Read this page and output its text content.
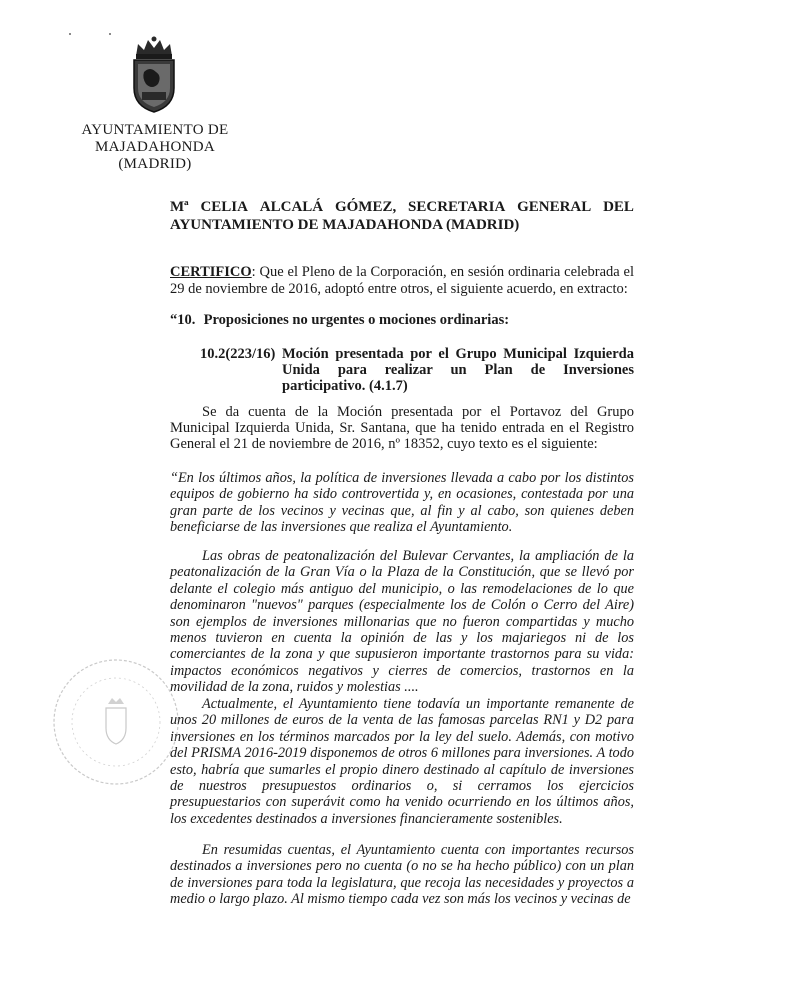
AYUNTAMIENTO DE
MAJADAHONDA
(MADRID)
Mª CELIA ALCALÁ GÓMEZ, SECRETARIA GENERAL DEL
AYUNTAMIENTO DE MAJADAHONDA (MADRID)
CERTIFICO: Que el Pleno de la Corporación, en sesión ordinaria celebrada el 29 de noviembre de 2016, adoptó entre otros, el siguiente acuerdo, en extracto:
“10. Proposiciones no urgentes o mociones ordinarias:
10.2(223/16) Moción presentada por el Grupo Municipal Izquierda Unida para realizar un Plan de Inversiones participativo. (4.1.7)
Se da cuenta de la Moción presentada por el Portavoz del Grupo Municipal Izquierda Unida, Sr. Santana, que ha tenido entrada en el Registro General el 21 de noviembre de 2016, nº 18352, cuyo texto es el siguiente:
“En los últimos años, la política de inversiones llevada a cabo por los distintos equipos de gobierno ha sido controvertida y, en ocasiones, contestada por una gran parte de los vecinos y vecinas que, al fin y al cabo, son quienes deben beneficiarse de las inversiones que realiza el Ayuntamiento.
Las obras de peatonalización del Bulevar Cervantes, la ampliación de la peatonalización de la Gran Vía o la Plaza de la Constitución, que se llevó por delante el colegio más antiguo del municipio, o las remodelaciones de lo que denominaron "nuevos" parques (especialmente los de Colón o Cerro del Aire) son ejemplos de inversiones millonarias que no fueron compartidas y mucho menos tuvieron en cuenta la opinión de las y los majariegos ni de los comerciantes de la zona y que supusieron importante trastornos para su vida: impactos económicos negativos y cierres de comercios, trastornos en la movilidad de la zona, ruidos y molestias ....
Actualmente, el Ayuntamiento tiene todavía un importante remanente de unos 20 millones de euros de la venta de las famosas parcelas RN1 y D2 para inversiones en los términos marcados por la ley del suelo. Además, con motivo del PRISMA 2016-2019 disponemos de otros 6 millones para inversiones. A todo esto, habría que sumarles el propio dinero destinado al capítulo de inversiones de nuestros presupuestos ordinarios o, si cerramos los ejercicios presupuestarios con superávit como ha venido ocurriendo en los últimos años, los excedentes destinados a inversiones financieramente sostenibles.
En resumidas cuentas, el Ayuntamiento cuenta con importantes recursos destinados a inversiones pero no cuenta (o no se ha hecho público) con un plan de inversiones para toda la legislatura, que recoja las necesidades y proyectos a medio o largo plazo. Al mismo tiempo cada vez son más los vecinos y vecinas de
